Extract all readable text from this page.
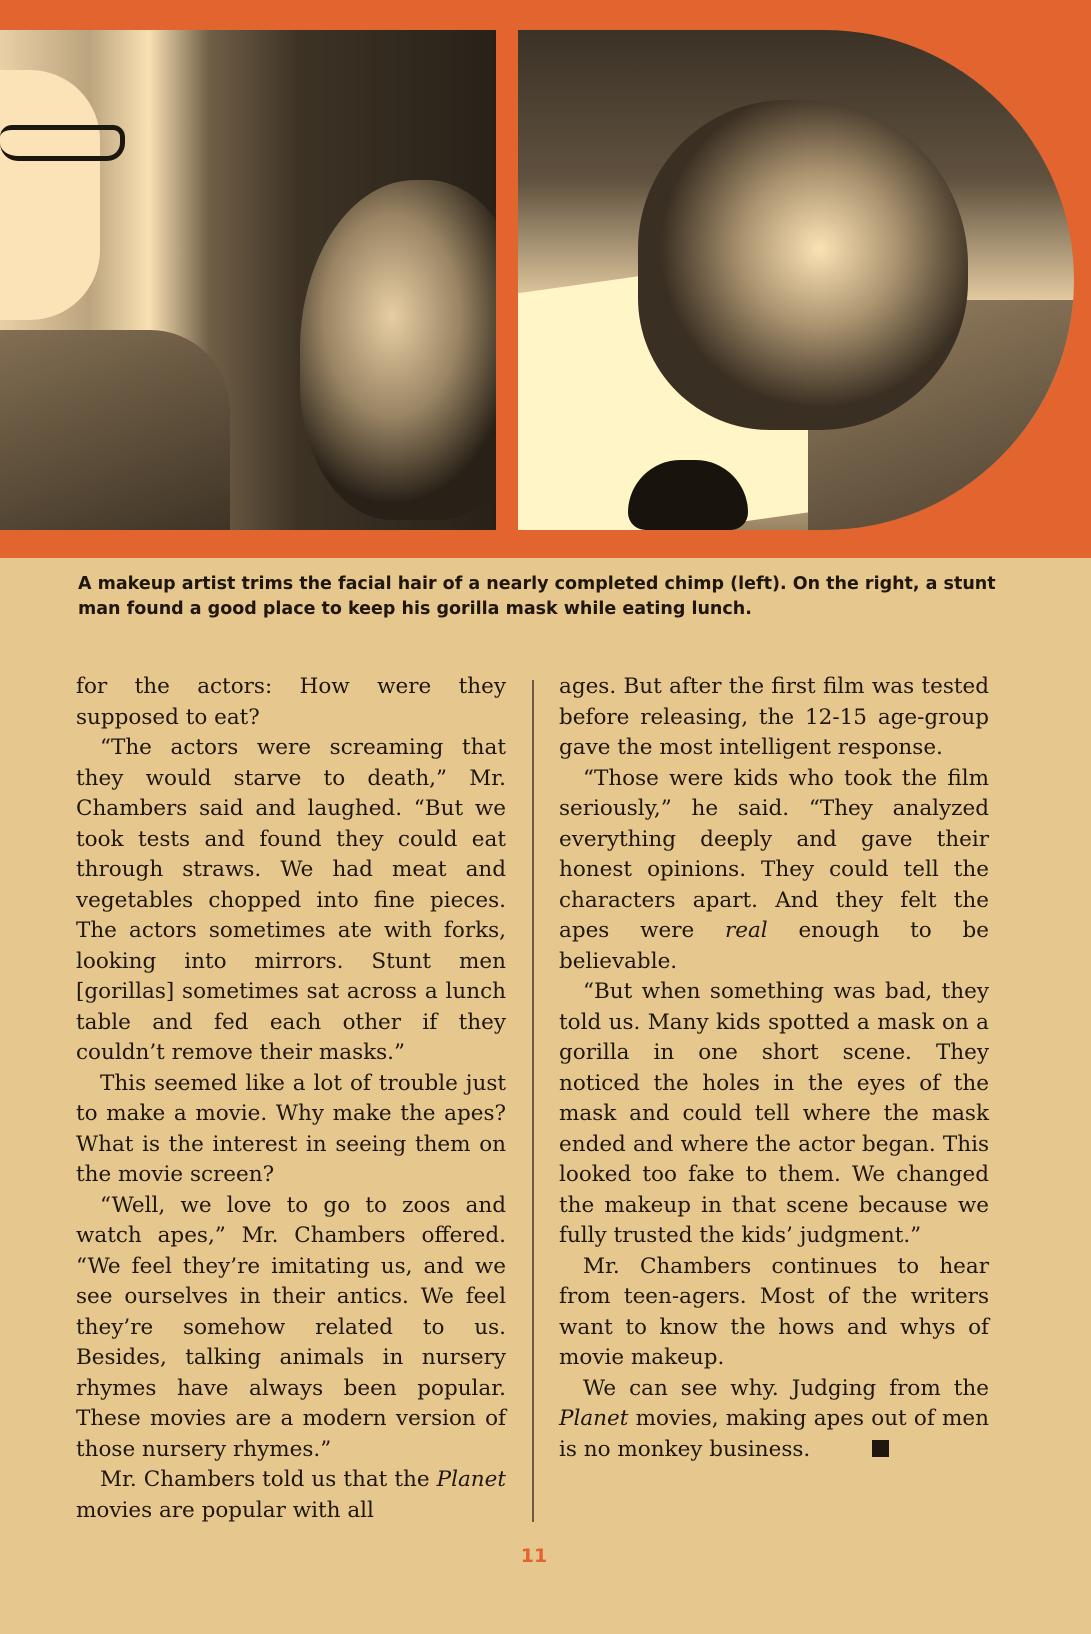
A makeup artist trims the facial hair of a nearly completed chimp (left). On the right, a stunt man found a good place to keep his gorilla mask while eating lunch.

for the actors: How were they supposed to eat?

“The actors were screaming that they would starve to death,” Mr. Chambers said and laughed. “But we took tests and found they could eat through straws. We had meat and vegetables chopped into fine pieces. The actors sometimes ate with forks, looking into mirrors. Stunt men [gorillas] sometimes sat across a lunch table and fed each other if they couldn’t remove their masks.”

This seemed like a lot of trouble just to make a movie. Why make the apes? What is the interest in seeing them on the movie screen?

“Well, we love to go to zoos and watch apes,” Mr. Chambers offered. “We feel they’re imitating us, and we see ourselves in their antics. We feel they’re somehow related to us. Besides, talking animals in nursery rhymes have always been popular. These movies are a modern version of those nursery rhymes.”

Mr. Chambers told us that the Planet movies are popular with all

ages. But after the first film was tested before releasing, the 12-15 age-group gave the most intelligent response.

“Those were kids who took the film seriously,” he said. “They analyzed everything deeply and gave their honest opinions. They could tell the characters apart. And they felt the apes were real enough to be believable.

“But when something was bad, they told us. Many kids spotted a mask on a gorilla in one short scene. They noticed the holes in the eyes of the mask and could tell where the mask ended and where the actor began. This looked too fake to them. We changed the makeup in that scene because we fully trusted the kids’ judgment.”

Mr. Chambers continues to hear from teen-agers. Most of the writers want to know the hows and whys of movie makeup.

We can see why. Judging from the Planet movies, making apes out of men is no monkey business.

11
